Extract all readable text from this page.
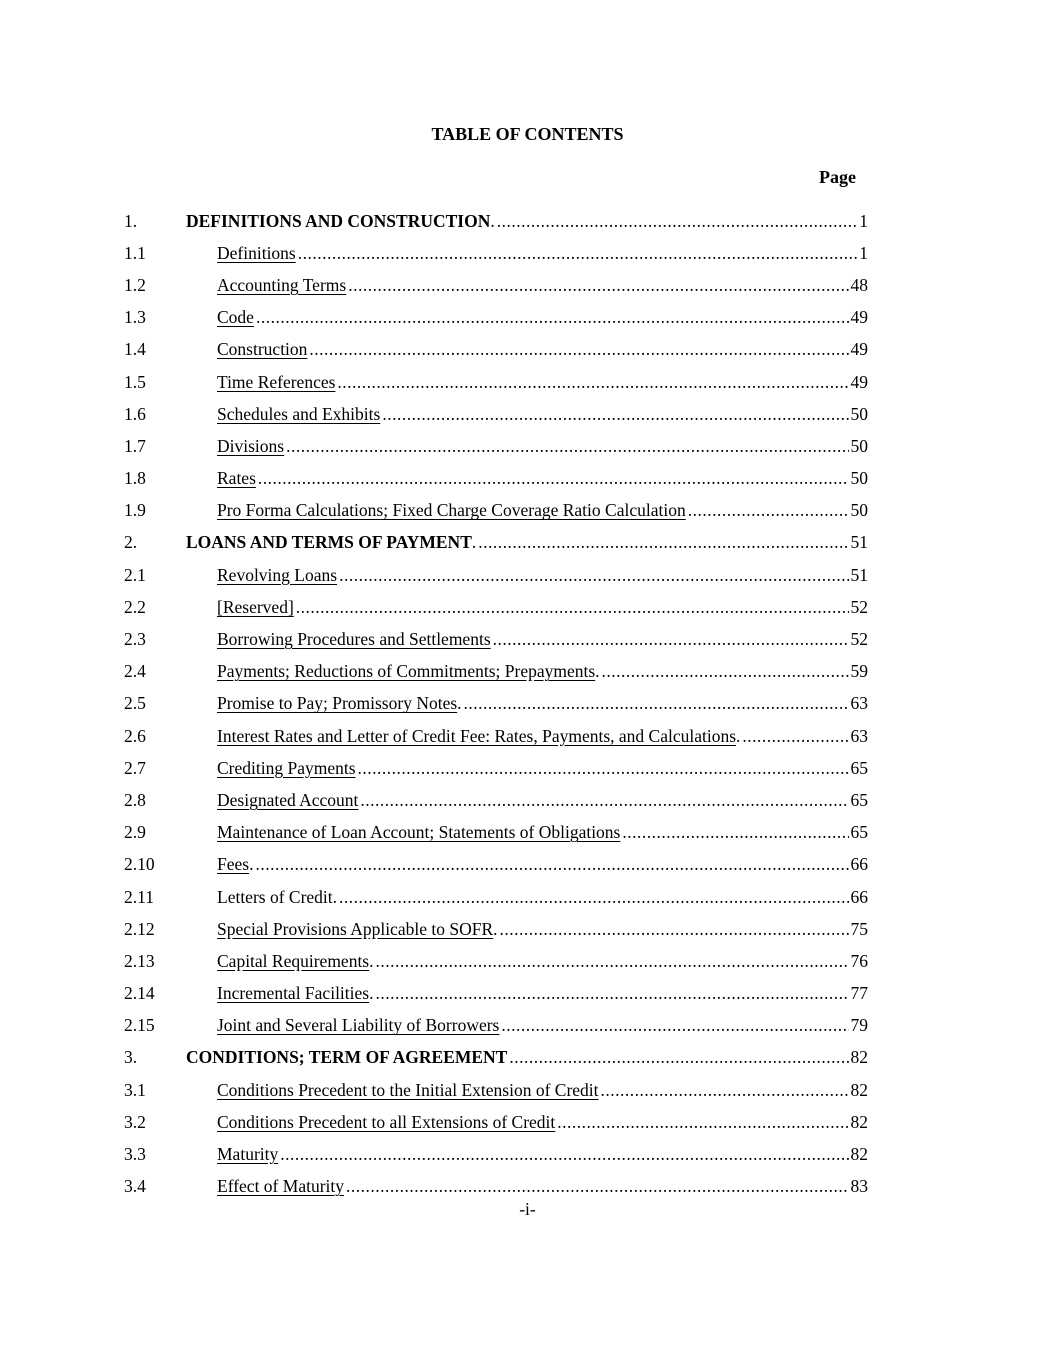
TABLE OF CONTENTS
Page
1.	DEFINITIONS AND CONSTRUCTION . .....	1
1.1	Definitions .....	1
1.2	Accounting Terms .....	48
1.3	Code .....	49
1.4	Construction .....	49
1.5	Time References .....	49
1.6	Schedules and Exhibits .....	50
1.7	Divisions .....	50
1.8	Rates .....	50
1.9	Pro Forma Calculations; Fixed Charge Coverage Ratio Calculation .....	50
2.	LOANS AND TERMS OF PAYMENT . .....	51
2.1	Revolving Loans .....	51
2.2	[Reserved] .....	52
2.3	Borrowing Procedures and Settlements .....	52
2.4	Payments; Reductions of Commitments; Prepayments . .....	59
2.5	Promise to Pay; Promissory Notes . .....	63
2.6	Interest Rates and Letter of Credit Fee: Rates, Payments, and Calculations . .....	63
2.7	Crediting Payments .....	65
2.8	Designated Account .....	65
2.9	Maintenance of Loan Account; Statements of Obligations .....	65
2.10	Fees . .....	66
2.11	Letters of Credit . .....	66
2.12	Special Provisions Applicable to SOFR . .....	75
2.13	Capital Requirements . .....	76
2.14	Incremental Facilities . .....	77
2.15	Joint and Several Liability of Borrowers .....	79
3.	CONDITIONS; TERM OF AGREEMENT .....	82
3.1	Conditions Precedent to the Initial Extension of Credit .....	82
3.2	Conditions Precedent to all Extensions of Credit .....	82
3.3	Maturity .....	82
3.4	Effect of Maturity .....	83
-i-
